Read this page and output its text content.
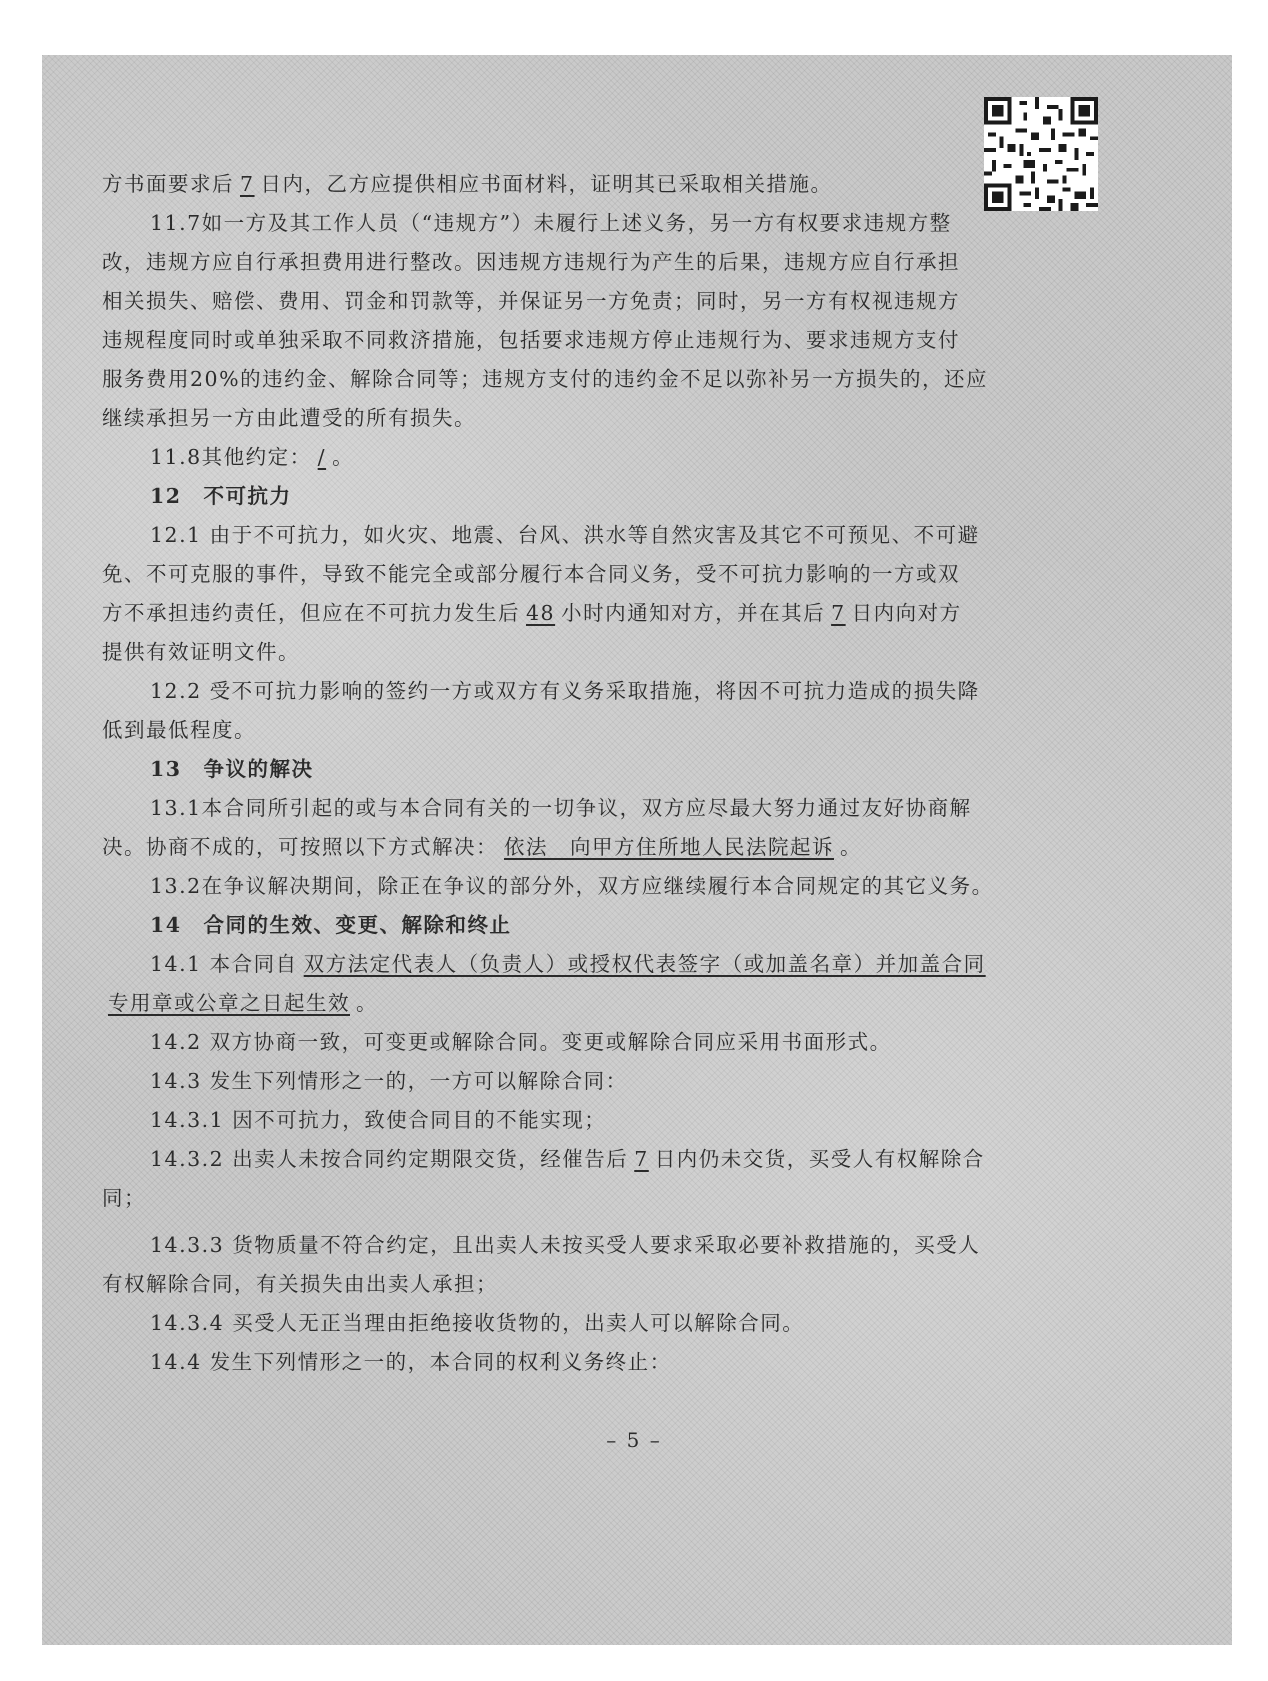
方书面要求后 7 日内，乙方应提供相应书面材料，证明其已采取相关措施。
11.7如一方及其工作人员（“违规方”）未履行上述义务，另一方有权要求违规方整
改，违规方应自行承担费用进行整改。因违规方违规行为产生的后果，违规方应自行承担
相关损失、赔偿、费用、罚金和罚款等，并保证另一方免责；同时，另一方有权视违规方
违规程度同时或单独采取不同救济措施，包括要求违规方停止违规行为、要求违规方支付
服务费用20%的违约金、解除合同等；违规方支付的违约金不足以弥补另一方损失的，还应
继续承担另一方由此遭受的所有损失。
11.8其他约定： / 。
12　不可抗力
12.1 由于不可抗力，如火灾、地震、台风、洪水等自然灾害及其它不可预见、不可避
免、不可克服的事件，导致不能完全或部分履行本合同义务，受不可抗力影响的一方或双
方不承担违约责任，但应在不可抗力发生后 48 小时内通知对方，并在其后 7 日内向对方
提供有效证明文件。
12.2 受不可抗力影响的签约一方或双方有义务采取措施，将因不可抗力造成的损失降
低到最低程度。
13　争议的解决
13.1本合同所引起的或与本合同有关的一切争议，双方应尽最大努力通过友好协商解
决。协商不成的，可按照以下方式解决： 依法　向甲方住所地人民法院起诉 。
13.2在争议解决期间，除正在争议的部分外，双方应继续履行本合同规定的其它义务。
14　合同的生效、变更、解除和终止
14.1 本合同自 双方法定代表人（负责人）或授权代表签字（或加盖名章）并加盖合同
专用章或公章之日起生效 。
14.2 双方协商一致，可变更或解除合同。变更或解除合同应采用书面形式。
14.3 发生下列情形之一的，一方可以解除合同：
14.3.1 因不可抗力，致使合同目的不能实现；
14.3.2 出卖人未按合同约定期限交货，经催告后 7 日内仍未交货，买受人有权解除合
同；
14.3.3 货物质量不符合约定，且出卖人未按买受人要求采取必要补救措施的，买受人
有权解除合同，有关损失由出卖人承担；
14.3.4 买受人无正当理由拒绝接收货物的，出卖人可以解除合同。
14.4 发生下列情形之一的，本合同的权利义务终止：
– 5 –
